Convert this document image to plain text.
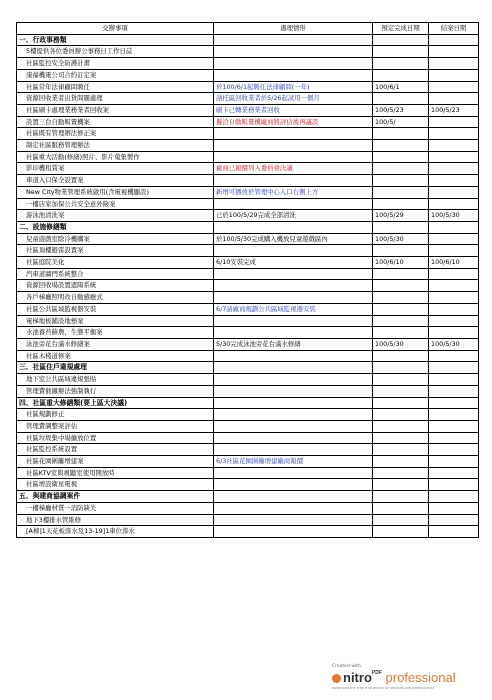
交辦事項	處理情形	預定完成日期	結案日期
一、行政事務類			
5樓提供各位委員辦公事務日工作日誌			
社區監控安全防護計畫			
康福機電公司合約訂定案			
社區常年法律顧問聘任	於100/6/1起聘任法律顧問(一年)	100/6/1	
資源回收業者出貨問題處理	請托區回收業者於5/26起試用一個月		
社區刷卡處理業務業者回收案	刷卡已轉業務業者回收	100/5/23	100/5/23
設置三台自動販賣機案	擬洽自動販賣機廠商將評估後再議設	100/5/	
社區既有管理辦法修正案			
制定社區服務管理辦法			
社區重大活動(修繕)照片、影片蒐集製作			
影印機租賃案	廠商已報價列入委員會決議		
車道入口保全設置案			
New City物業管理系統啟用(含電視機顯設)	新增可播放於管理中心入口右側上方		
一樓店家加保公共安全意外險案			
游泳池清洗案	已於100/5/29完成全部清洗	100/5/29	100/5/30
二、設施修繕類			
兒童遊戲室除冷機購案	於100/5/30完成購入機放兒童遊戲區內	100/5/30	
社區頂樓避雷設置案			
社區庭院美化	6/10安裝完成	100/6/10	100/6/10
汽車道牆門系統整合			
資源回收場設置遮陽系統			
各戶梯廳照明改自動感應式			
社區公共區域監視器安裝	6/7請廠商規劃公共區域監視器安裝		
電梯地板鋪設地墊案			
水池養苔蘚農，生態平衡案			
泳池旁花台滿水修繕案	5/30完成泳池旁花台滿水修繕	100/5/30	100/5/30
社區木棧道修案			
三、社區住戶違規處理			
地下室公共區域違規張貼			
管理費催繳辦法強制執行			
四、社區重大修繕類(要上區大決議)			
社區規劃修正			
管理費調整案評估			
社區垃圾集中場擴放位置			
社區監控系統設置			
社區花園圍籬增建案	6/3社區花園圍籬增建廠商報價		
社區KTV室與視聽室使用開放時			
社區增設衛星電視			
五、與建商協調案件			
一樓梯廳材質一消防缺失			
地下3樓排水管維修			
[A棟]1天花板滲水及13-19]1車位滲水			
Created with
nitro$^{PDF}$ professional
download the free trial online at nitropdf.com/professional
